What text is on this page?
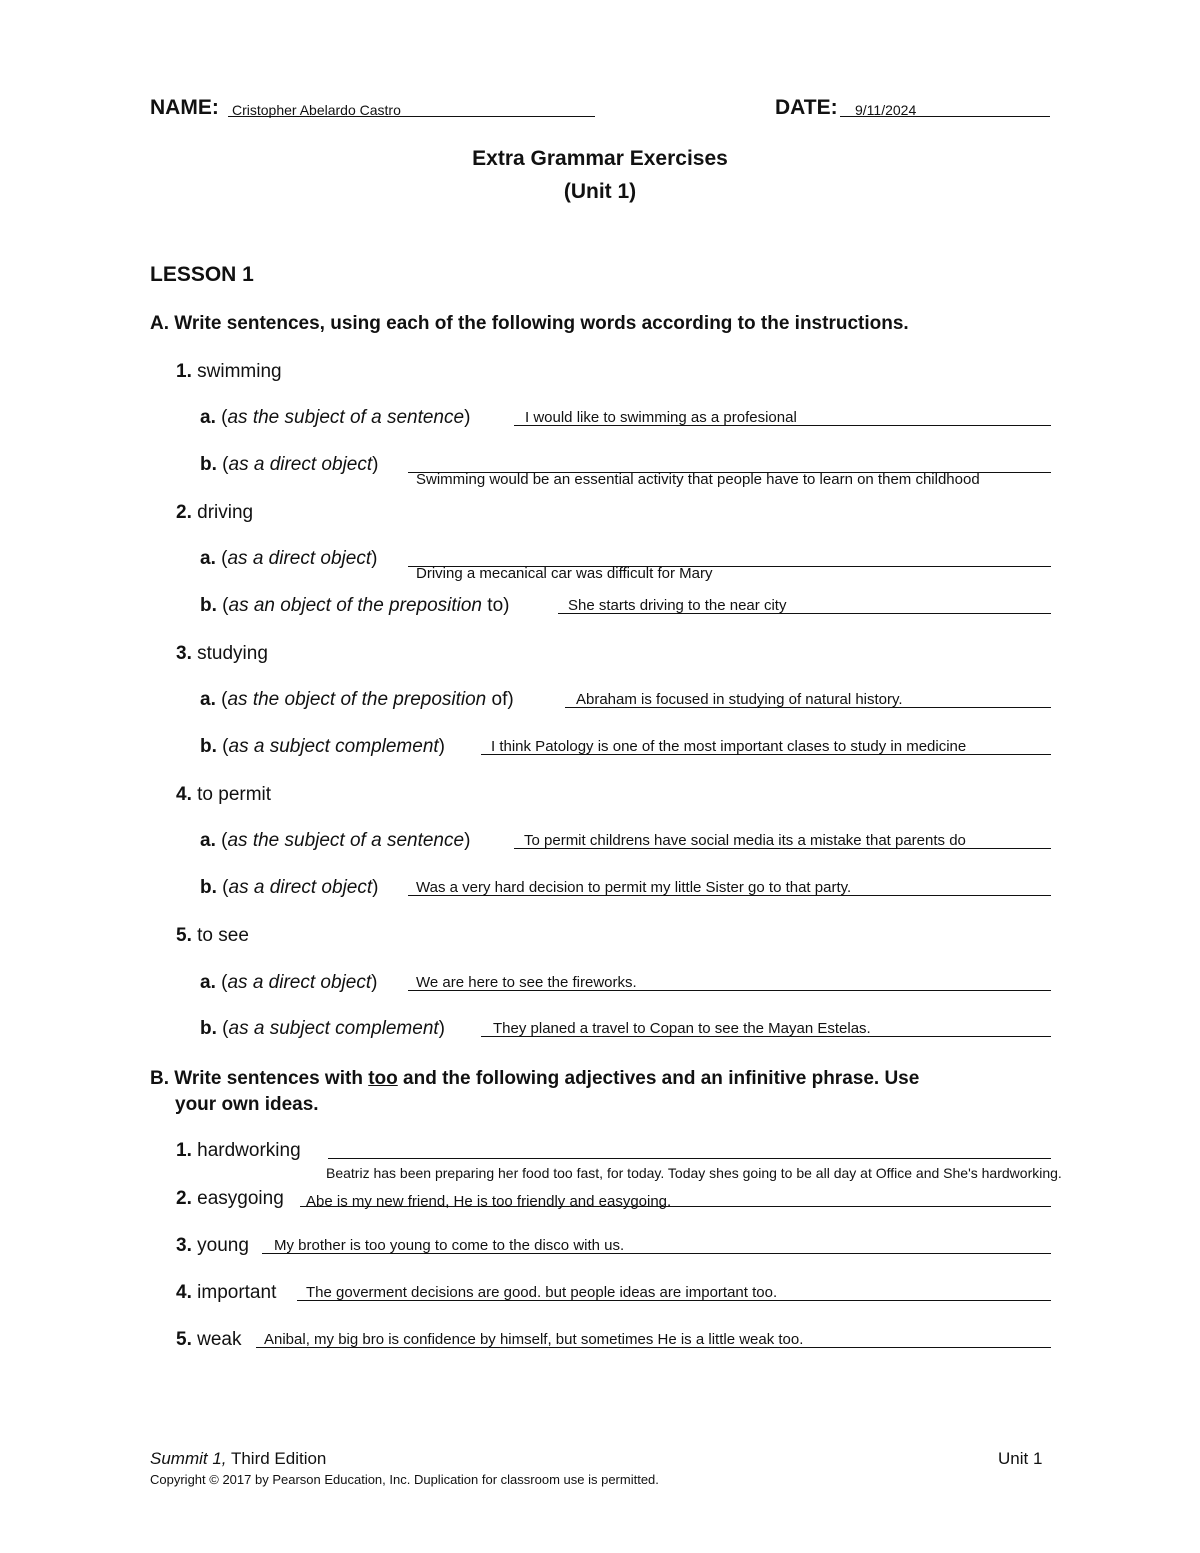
NAME: Cristopher Abelardo Castro	DATE: 9/11/2024
Extra Grammar Exercises
(Unit 1)
LESSON 1
A. Write sentences, using each of the following words according to the instructions.
1. swimming
a. (as the subject of a sentence)	I would like to swimming as a profesional
b. (as a direct object)
Swimming would be an essential activity that people have to learn on them childhood
2. driving
a. (as a direct object)
Driving a mecanical car was difficult for Mary
b. (as an object of the preposition to)	She starts driving to the near city
3. studying
a. (as the object of the preposition of)	Abraham is focused in studying of natural history.
b. (as a subject complement)	I think Patology is one of the most important clases to study in medicine
4. to permit
a. (as the subject of a sentence)	To permit childrens have social media its a mistake that parents do
b. (as a direct object)	Was a very hard decision to permit my little Sister go to that party.
5. to see
a. (as a direct object)	We are here to see the fireworks.
b. (as a subject complement)	They planed a travel to Copan to see the Mayan Estelas.
B. Write sentences with too and the following adjectives and an infinitive phrase. Use
your own ideas.
1. hardworking
Beatriz has been preparing her food too fast, for today. Today shes going to be all day at Office and She's hardworking.
2. easygoing Abe is my new friend, He is too friendly and easygoing.
3. young My brother is too young to come to the disco with us.
4. important The goverment decisions are good. but people ideas are important too.
5. weak Anibal, my big bro is confidence by himself, but sometimes He is a little weak too.
Summit 1, Third Edition	Unit 1
Copyright © 2017 by Pearson Education, Inc. Duplication for classroom use is permitted.
